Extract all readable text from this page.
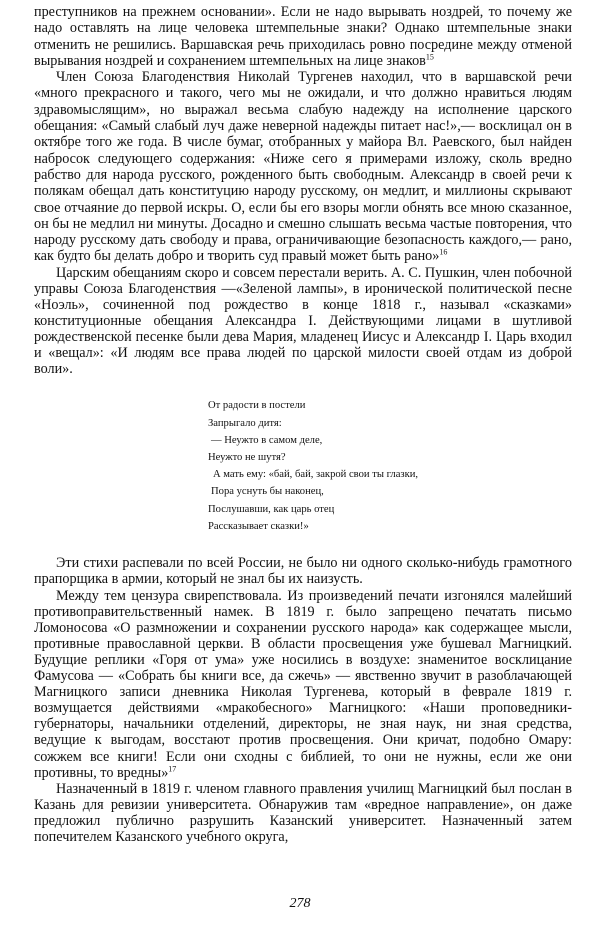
преступников на прежнем основании». Если не надо вырывать ноздрей, то почему же надо оставлять на лице человека штемпельные знаки? Однако штемпельные знаки отменить не решились. Варшавская речь приходилась ровно посредине между отменой вырывания ноздрей и сохранением штемпельных на лице знаков$^{15}$

Член Союза Благоденствия Николай Тургенев находил, что в варшавской речи «много прекрасного и такого, чего мы не ожидали, и что должно нравиться людям здравомыслящим», но выражал весьма слабую надежду на исполнение царского обещания: «Самый слабый луч даже неверной надежды питает нас!»,— восклицал он в октябре того же года. В числе бумаг, отобранных у майора Вл. Раевского, был найден набросок следующего содержания: «Ниже сего я примерами изложу, сколь вредно рабство для народа русского, рожденного быть свободным. Александр в своей речи к полякам обещал дать конституцию народу русскому, он медлит, и миллионы скрывают свое отчаяние до первой искры. О, если бы его взоры могли обнять все мною сказанное, он бы не медлил ни минуты. Досадно и смешно слышать весьма частые повторения, что народу русскому дать свободу и права, ограничивающие безопасность каждого,— рано, как будто бы делать добро и творить суд правый может быть рано»$^{16}$

Царским обещаниям скоро и совсем перестали верить. А. С. Пушкин, член побочной управы Союза Благоденствия —«Зеленой лампы», в иронической политической песне «Ноэль», сочиненной под рождество в конце 1818 г., называл «сказками» конституционные обещания Александра I. Действующими лицами в шутливой рождественской песенке были дева Мария, младенец Иисус и Александр I. Царь входил и «вещал»: «И людям все права людей по царской милости своей отдам из доброй воли».

От радости в постели
Запрыгало дитя:
— Неужто в самом деле,
Неужто не шутя?
А мать ему: «бай, бай, закрой свои ты глазки,
Пора уснуть бы наконец,
Послушавши, как царь отец
Рассказывает сказки!»

Эти стихи распевали по всей России, не было ни одного сколько-нибудь грамотного прапорщика в армии, который не знал бы их наизусть.

Между тем цензура свирепствовала. Из произведений печати изгонялся малейший противоправительственный намек. В 1819 г. было запрещено печатать письмо Ломоносова «О размножении и сохранении русского народа» как содержащее мысли, противные православной церкви. В области просвещения уже бушевал Магницкий. Будущие реплики «Горя от ума» уже носились в воздухе: знаменитое восклицание Фамусова — «Собрать бы книги все, да сжечь» — явственно звучит в разоблачающей Магницкого записи дневника Николая Тургенева, который в феврале 1819 г. возмущается действиями «мракобесного» Магницкого: «Наши проповедники-губернаторы, начальники отделений, директоры, не зная наук, ни зная средства, ведущие к выгодам, восстают против просвещения. Они кричат, подобно Омару: сожжем все книги! Если они сходны с библией, то они не нужны, если же они противны, то вредны»$^{17}$

Назначенный в 1819 г. членом главного правления училищ Магницкий был послан в Казань для ревизии университета. Обнаружив там «вредное направление», он даже предложил публично разрушить Казанский университет. Назначенный затем попечителем Казанского учебного округа,

278
